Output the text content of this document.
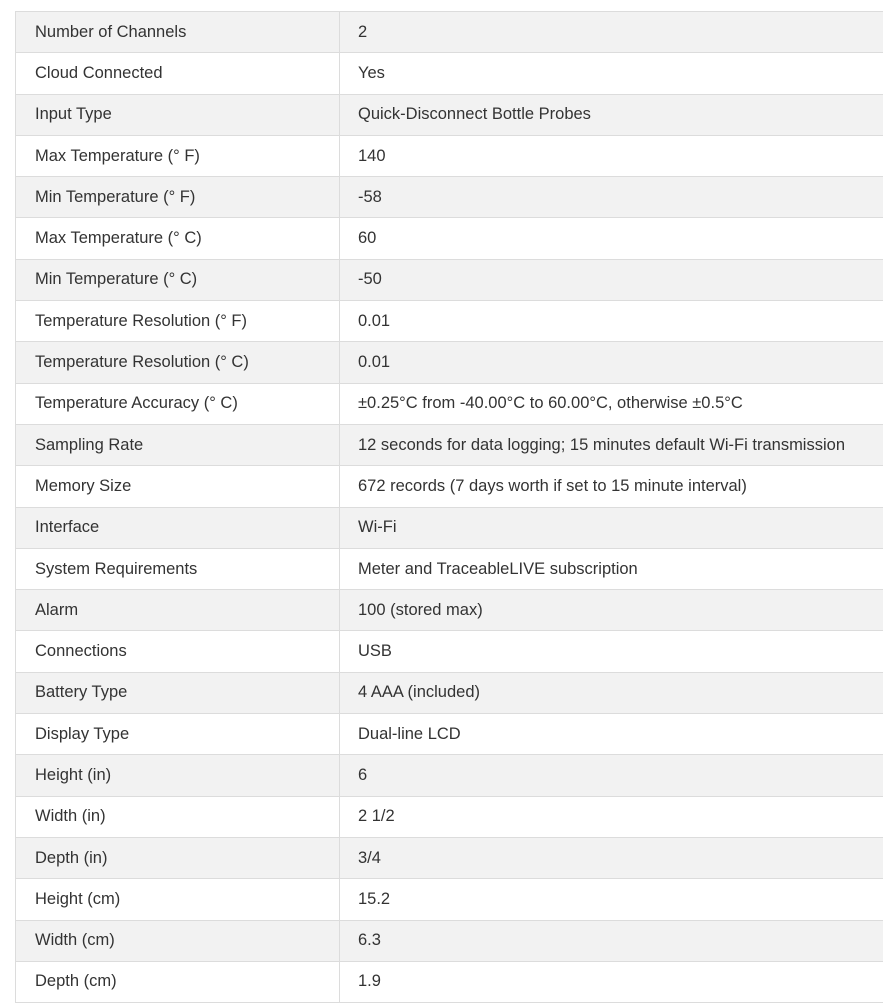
Number of Channels	2
Cloud Connected	Yes
Input Type	Quick-Disconnect Bottle Probes
Max Temperature (° F)	140
Min Temperature (° F)	-58
Max Temperature (° C)	60
Min Temperature (° C)	-50
Temperature Resolution (° F)	0.01
Temperature Resolution (° C)	0.01
Temperature Accuracy (° C)	±0.25°C from -40.00°C to 60.00°C, otherwise ±0.5°C
Sampling Rate	12 seconds for data logging; 15 minutes default Wi-Fi transmission
Memory Size	672 records (7 days worth if set to 15 minute interval)
Interface	Wi-Fi
System Requirements	Meter and TraceableLIVE subscription
Alarm	100 (stored max)
Connections	USB
Battery Type	4 AAA (included)
Display Type	Dual-line LCD
Height (in)	6
Width (in)	2 1/2
Depth (in)	3/4
Height (cm)	15.2
Width (cm)	6.3
Depth (cm)	1.9
